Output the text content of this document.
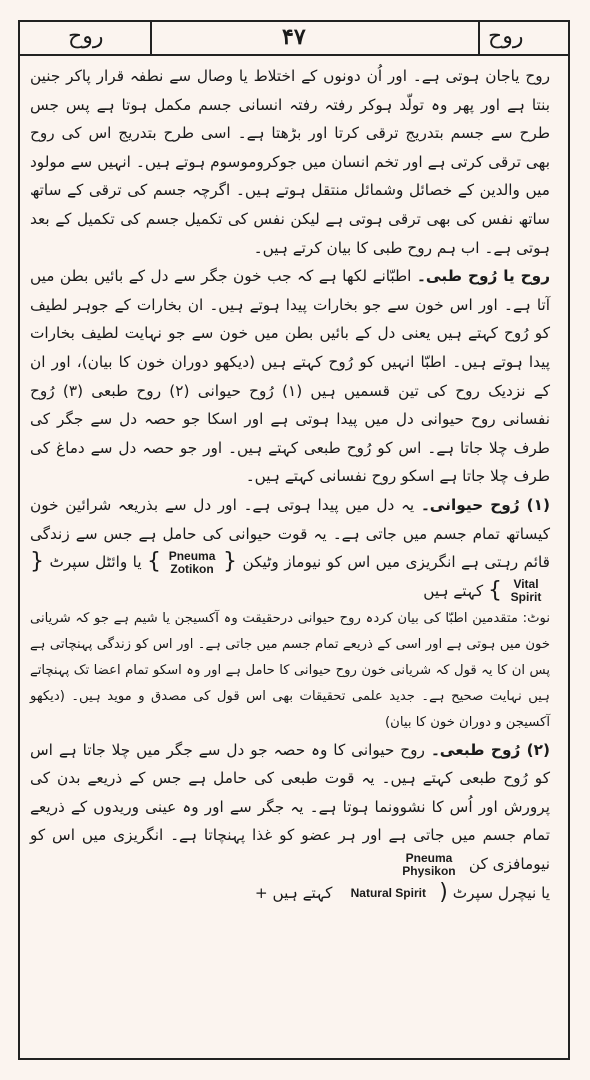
روح
۴۷
روح

روح یاجان ہوتی ہے۔ اور اُن دونوں کے اختلاط یا وصال سے نطفہ قرار پاکر جنین بنتا ہے اور پھر وہ تولّد ہوکر رفتہ رفتہ انسانی جسم مکمل ہوتا ہے پس جس طرح سے جسم بتدریج ترقی کرتا اور بڑھتا ہے۔ اسی طرح بتدریج اس کی روح بھی ترقی کرتی ہے اور تخم انسان میں جوکروموسوم ہوتے ہیں۔ انہیں سے مولود میں والدین کے خصائل وشمائل منتقل ہوتے ہیں۔ اگرچہ جسم کی ترقی کے ساتھ ساتھ نفس کی بھی ترقی ہوتی ہے لیکن نفس کی تکمیل جسم کی تکمیل کے بعد ہوتی ہے۔ اب ہم روح طبی کا بیان کرتے ہیں۔

روح یا رُوح طبی۔ اطبّانے لکھا ہے کہ جب خون جگر سے دل کے بائیں بطن میں آتا ہے۔ اور اس خون سے جو بخارات پیدا ہوتے ہیں۔ ان بخارات کے جوہر لطیف کو رُوح کہتے ہیں یعنی دل کے بائیں بطن میں خون سے جو نہایت لطیف بخارات پیدا ہوتے ہیں۔ اطبّا انہیں کو رُوح کہتے ہیں (دیکھو دوران خون کا بیان)، اور ان کے نزدیک روح کی تین قسمیں ہیں (۱) رُوح حیوانی (۲) روح طبعی (۳) رُوح نفسانی روح حیوانی دل میں پیدا ہوتی ہے اور اسکا جو حصہ دل سے جگر کی طرف چلا جاتا ہے۔ اس کو رُوح طبعی کہتے ہیں۔ اور جو حصہ دل سے دماغ کی طرف چلا جاتا ہے اسکو روح نفسانی کہتے ہیں۔

(۱) رُوح حیوانی۔ یہ دل میں پیدا ہوتی ہے۔ اور دل سے بذریعہ شرائین خون کیساتھ تمام جسم میں جاتی ہے۔ یہ قوت حیوانی کی حامل ہے جس سے زندگی قائم رہتی ہے انگریزی میں اس کو نیوماز وٹیکن {Pneuma Zotikon} یا وائٹل سپرٹ {Vital Spirit} کہتے ہیں

نوٹ: متقدمین اطبّا کی بیان کردہ روح حیوانی درحقیقت وہ آکسیجن یا شیم ہے جو کہ شریانی خون میں ہوتی ہے اور اسی کے ذریعے تمام جسم میں جاتی ہے۔ اور اس کو زندگی پہنچاتی ہے پس ان کا یہ قول کہ شریانی خون روح حیوانی کا حامل ہے اور وہ اسکو تمام اعضا تک پہنچاتے ہیں نہایت صحیح ہے۔ جدید علمی تحقیقات بھی اس قول کی مصدق و موید ہیں۔ (دیکھو آکسیجن و دوران خون کا بیان)

(۲) رُوح طبعی۔ روح حیوانی کا وہ حصہ جو دل سے جگر میں چلا جاتا ہے اس کو رُوح طبعی کہتے ہیں۔ یہ قوت طبعی کی حامل ہے جس کے ذریعے بدن کی پرورش اور اُس کا نشوونما ہوتا ہے۔ یہ جگر سے اور وہ عینی وریدوں کے ذریعے تمام جسم میں جاتی ہے اور ہر عضو کو غذا پہنچاتا ہے۔ انگریزی میں اس کو نیومافزی کن Pneuma Physikon

یا نیچرل سپرٹ (Natural Spirit کہتے ہیں +
